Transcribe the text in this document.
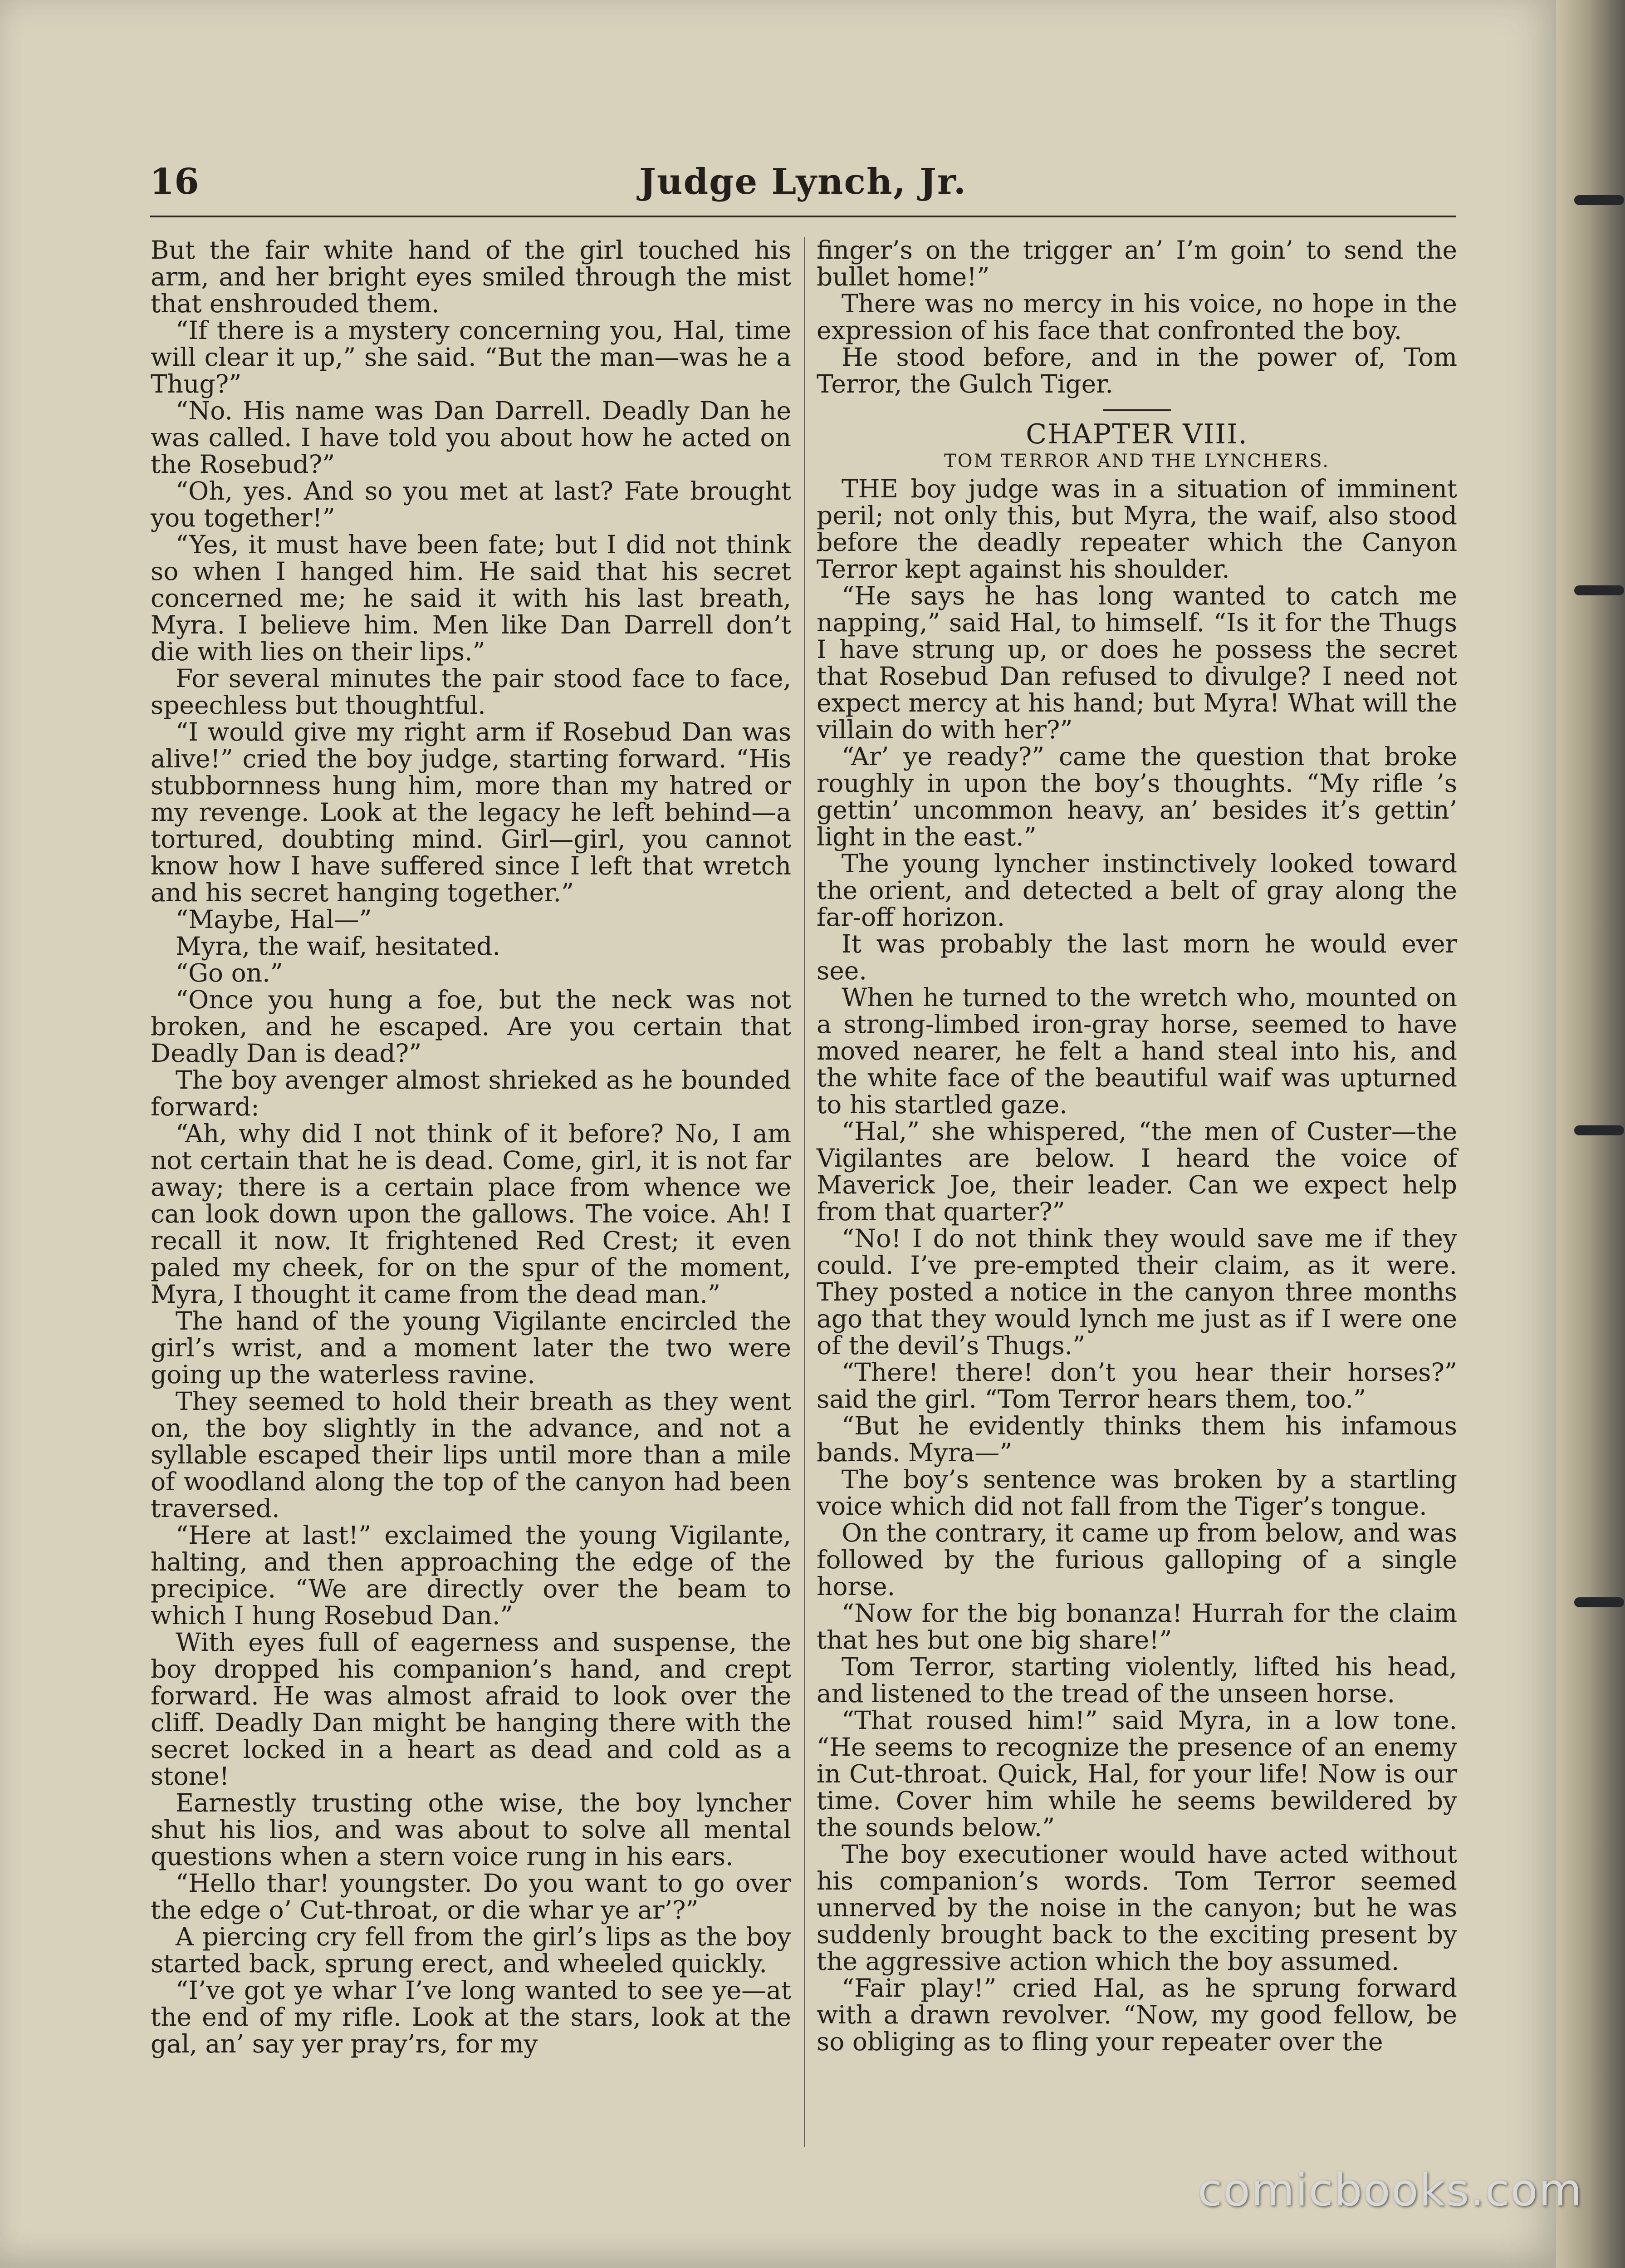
16	Judge Lynch, Jr.

But the fair white hand of the girl touched his arm, and her bright eyes smiled through the mist that enshrouded them.

“If there is a mystery concerning you, Hal, time will clear it up,” she said. “But the man—was he a Thug?”

“No. His name was Dan Darrell. Deadly Dan he was called. I have told you about how he acted on the Rosebud?”

“Oh, yes. And so you met at last? Fate brought you together!”

“Yes, it must have been fate; but I did not think so when I hanged him. He said that his secret concerned me; he said it with his last breath, Myra. I believe him. Men like Dan Darrell don’t die with lies on their lips.”

For several minutes the pair stood face to face, speechless but thoughtful.

“I would give my right arm if Rosebud Dan was alive!” cried the boy judge, starting forward. “His stubbornness hung him, more than my hatred or my revenge. Look at the legacy he left behind—a tortured, doubting mind. Girl—girl, you cannot know how I have suffered since I left that wretch and his secret hanging together.”

“Maybe, Hal—”

Myra, the waif, hesitated.

“Go on.”

“Once you hung a foe, but the neck was not broken, and he escaped. Are you certain that Deadly Dan is dead?”

The boy avenger almost shrieked as he bounded forward:

“Ah, why did I not think of it before? No, I am not certain that he is dead. Come, girl, it is not far away; there is a certain place from whence we can look down upon the gallows. The voice. Ah! I recall it now. It frightened Red Crest; it even paled my cheek, for on the spur of the moment, Myra, I thought it came from the dead man.”

The hand of the young Vigilante encircled the girl’s wrist, and a moment later the two were going up the waterless ravine.

They seemed to hold their breath as they went on, the boy slightly in the advance, and not a syllable escaped their lips until more than a mile of woodland along the top of the canyon had been traversed.

“Here at last!” exclaimed the young Vigilante, halting, and then approaching the edge of the precipice. “We are directly over the beam to which I hung Rosebud Dan.”

With eyes full of eagerness and suspense, the boy dropped his companion’s hand, and crept forward. He was almost afraid to look over the cliff. Deadly Dan might be hanging there with the secret locked in a heart as dead and cold as a stone!

Earnestly trusting othe wise, the boy lyncher shut his lios, and was about to solve all mental questions when a stern voice rung in his ears.

“Hello thar! youngster. Do you want to go over the edge o’ Cut-throat, or die whar ye ar’?”

A piercing cry fell from the girl’s lips as the boy started back, sprung erect, and wheeled quickly.

“I’ve got ye whar I’ve long wanted to see ye—at the end of my rifle. Look at the stars, look at the gal, an’ say yer pray’rs, for my

finger’s on the trigger an’ I’m goin’ to send the bullet home!”

There was no mercy in his voice, no hope in the expression of his face that confronted the boy.

He stood before, and in the power of, Tom Terror, the Gulch Tiger.

CHAPTER VIII.
TOM TERROR AND THE LYNCHERS.

THE boy judge was in a situation of imminent peril; not only this, but Myra, the waif, also stood before the deadly repeater which the Canyon Terror kept against his shoulder.

“He says he has long wanted to catch me napping,” said Hal, to himself. “Is it for the Thugs I have strung up, or does he possess the secret that Rosebud Dan refused to divulge? I need not expect mercy at his hand; but Myra! What will the villain do with her?”

“Ar’ ye ready?” came the question that broke roughly in upon the boy’s thoughts. “My rifle ’s gettin’ uncommon heavy, an’ besides it’s gettin’ light in the east.”

The young lyncher instinctively looked toward the orient, and detected a belt of gray along the far-off horizon.

It was probably the last morn he would ever see.

When he turned to the wretch who, mounted on a strong-limbed iron-gray horse, seemed to have moved nearer, he felt a hand steal into his, and the white face of the beautiful waif was upturned to his startled gaze.

“Hal,” she whispered, “the men of Custer—the Vigilantes are below. I heard the voice of Maverick Joe, their leader. Can we expect help from that quarter?”

“No! I do not think they would save me if they could. I’ve pre-empted their claim, as it were. They posted a notice in the canyon three months ago that they would lynch me just as if I were one of the devil’s Thugs.”

“There! there! don’t you hear their horses?” said the girl. “Tom Terror hears them, too.”

“But he evidently thinks them his infamous bands. Myra—”

The boy’s sentence was broken by a startling voice which did not fall from the Tiger’s tongue.

On the contrary, it came up from below, and was followed by the furious galloping of a single horse.

“Now for the big bonanza! Hurrah for the claim that hes but one big share!”

Tom Terror, starting violently, lifted his head, and listened to the tread of the unseen horse.

“That roused him!” said Myra, in a low tone. “He seems to recognize the presence of an enemy in Cut-throat. Quick, Hal, for your life! Now is our time. Cover him while he seems bewildered by the sounds below.”

The boy executioner would have acted without his companion’s words. Tom Terror seemed unnerved by the noise in the canyon; but he was suddenly brought back to the exciting present by the aggressive action which the boy assumed.

“Fair play!” cried Hal, as he sprung forward with a drawn revolver. “Now, my good fellow, be so obliging as to fling your repeater over the

comicbooks.com
